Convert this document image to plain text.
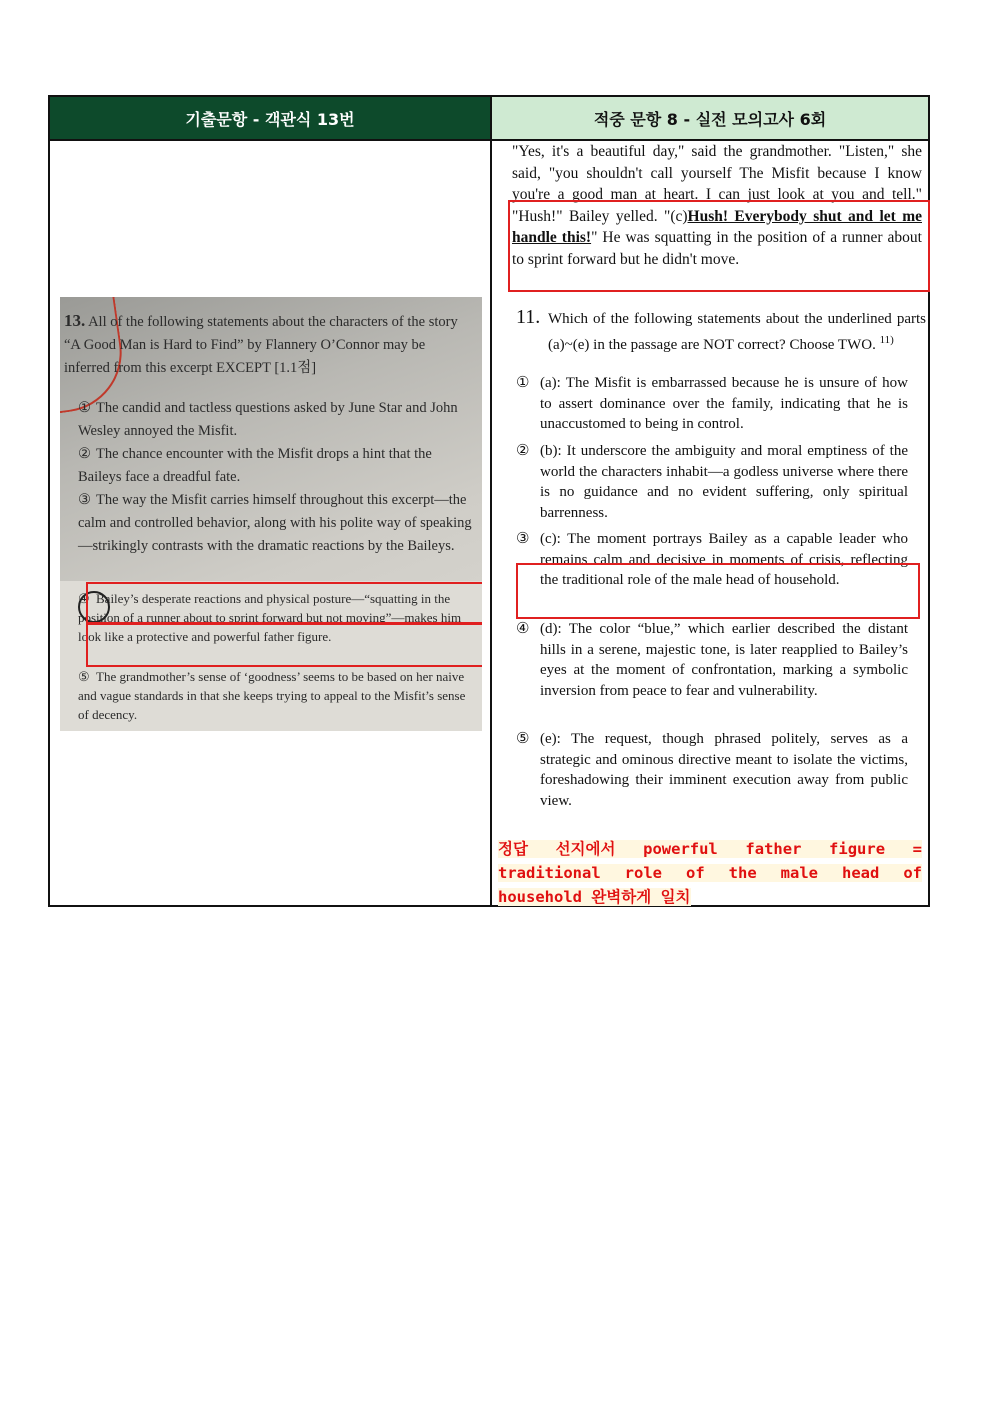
기출문항 - 객관식 13번	적중 문항 8 - 실전 모의고사 6회
13. All of the following statements about the characters of the story “A Good Man is Hard to Find” by Flannery O’Connor may be inferred from this excerpt EXCEPT [1.1점]
① The candid and tactless questions asked by June Star and John Wesley annoyed the Misfit.
② The chance encounter with the Misfit drops a hint that the Baileys face a dreadful fate.
③ The way the Misfit carries himself throughout this excerpt—the calm and controlled behavior, along with his polite way of speaking—strikingly contrasts with the dramatic reactions by the Baileys.
④ Bailey’s desperate reactions and physical posture—“squatting in the position of a runner about to sprint forward but not moving”—makes him look like a protective and powerful father figure.
⑤ The grandmother’s sense of ‘goodness’ seems to be based on her naive and vague standards in that she keeps trying to appeal to the Misfit’s sense of decency.
"Yes, it's a beautiful day," said the grandmother. "Listen," she said, "you shouldn't call yourself The Misfit because I know you're a good man at heart. I can just look at you and tell." "Hush!" Bailey yelled. "(c)Hush! Everybody shut and let me handle this!" He was squatting in the position of a runner about to sprint forward but he didn't move.
11. Which of the following statements about the underlined parts (a)~(e) in the passage are NOT correct? Choose TWO. $^{11)}$
① (a): The Misfit is embarrassed because he is unsure of how to assert dominance over the family, indicating that he is unaccustomed to being in control.
② (b): It underscore the ambiguity and moral emptiness of the world the characters inhabit—a godless universe where there is no guidance and no evident suffering, only spiritual barrenness.
③ (c): The moment portrays Bailey as a capable leader who remains calm and decisive in moments of crisis, reflecting the traditional role of the male head of household.
④ (d): The color “blue,” which earlier described the distant hills in a serene, majestic tone, is later reapplied to Bailey’s eyes at the moment of confrontation, marking a symbolic inversion from peace to fear and vulnerability.
⑤ (e): The request, though phrased politely, serves as a strategic and ominous directive meant to isolate the victims, foreshadowing their imminent execution away from public view.
정답 선지에서 powerful father figure = traditional role of the male head of household 완벽하게 일치
